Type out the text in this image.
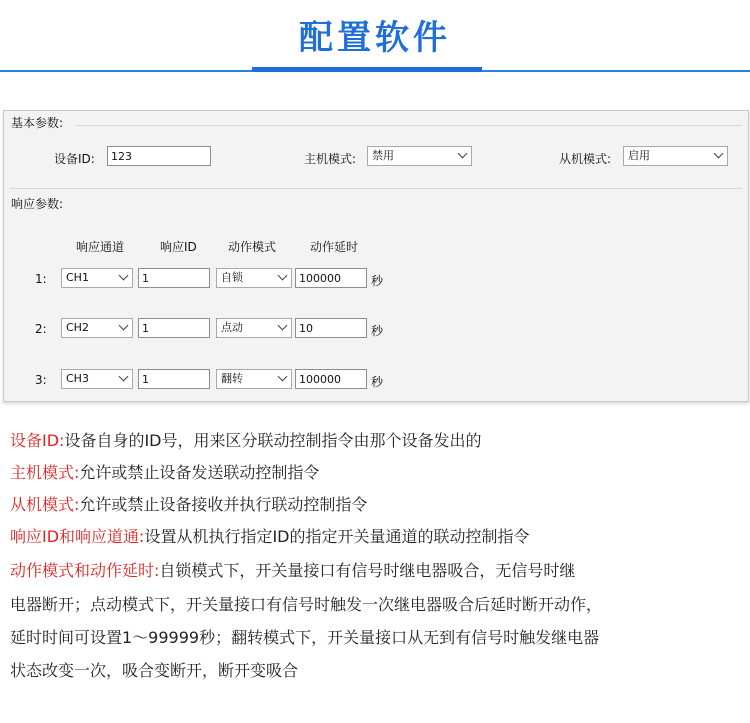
配置软件
基本参数:
设备ID:	123	主机模式:	禁用	从机模式:	启用
响应参数:
响应通道	响应ID	动作模式	动作延时
1:	CH1	1	自锁	100000	秒
2:	CH2	1	点动	10	秒
3:	CH3	1	翻转	100000	秒
设备ID:设备自身的ID号，用来区分联动控制指令由那个设备发出的
主机模式:允许或禁止设备发送联动控制指令
从机模式:允许或禁止设备接收并执行联动控制指令
响应ID和响应道通:设置从机执行指定ID的指定开关量通道的联动控制指令
动作模式和动作延时:自锁模式下，开关量接口有信号时继电器吸合，无信号时继
电器断开；点动模式下，开关量接口有信号时触发一次继电器吸合后延时断开动作，
延时时间可设置1～99999秒；翻转模式下，开关量接口从无到有信号时触发继电器
状态改变一次，吸合变断开，断开变吸合
